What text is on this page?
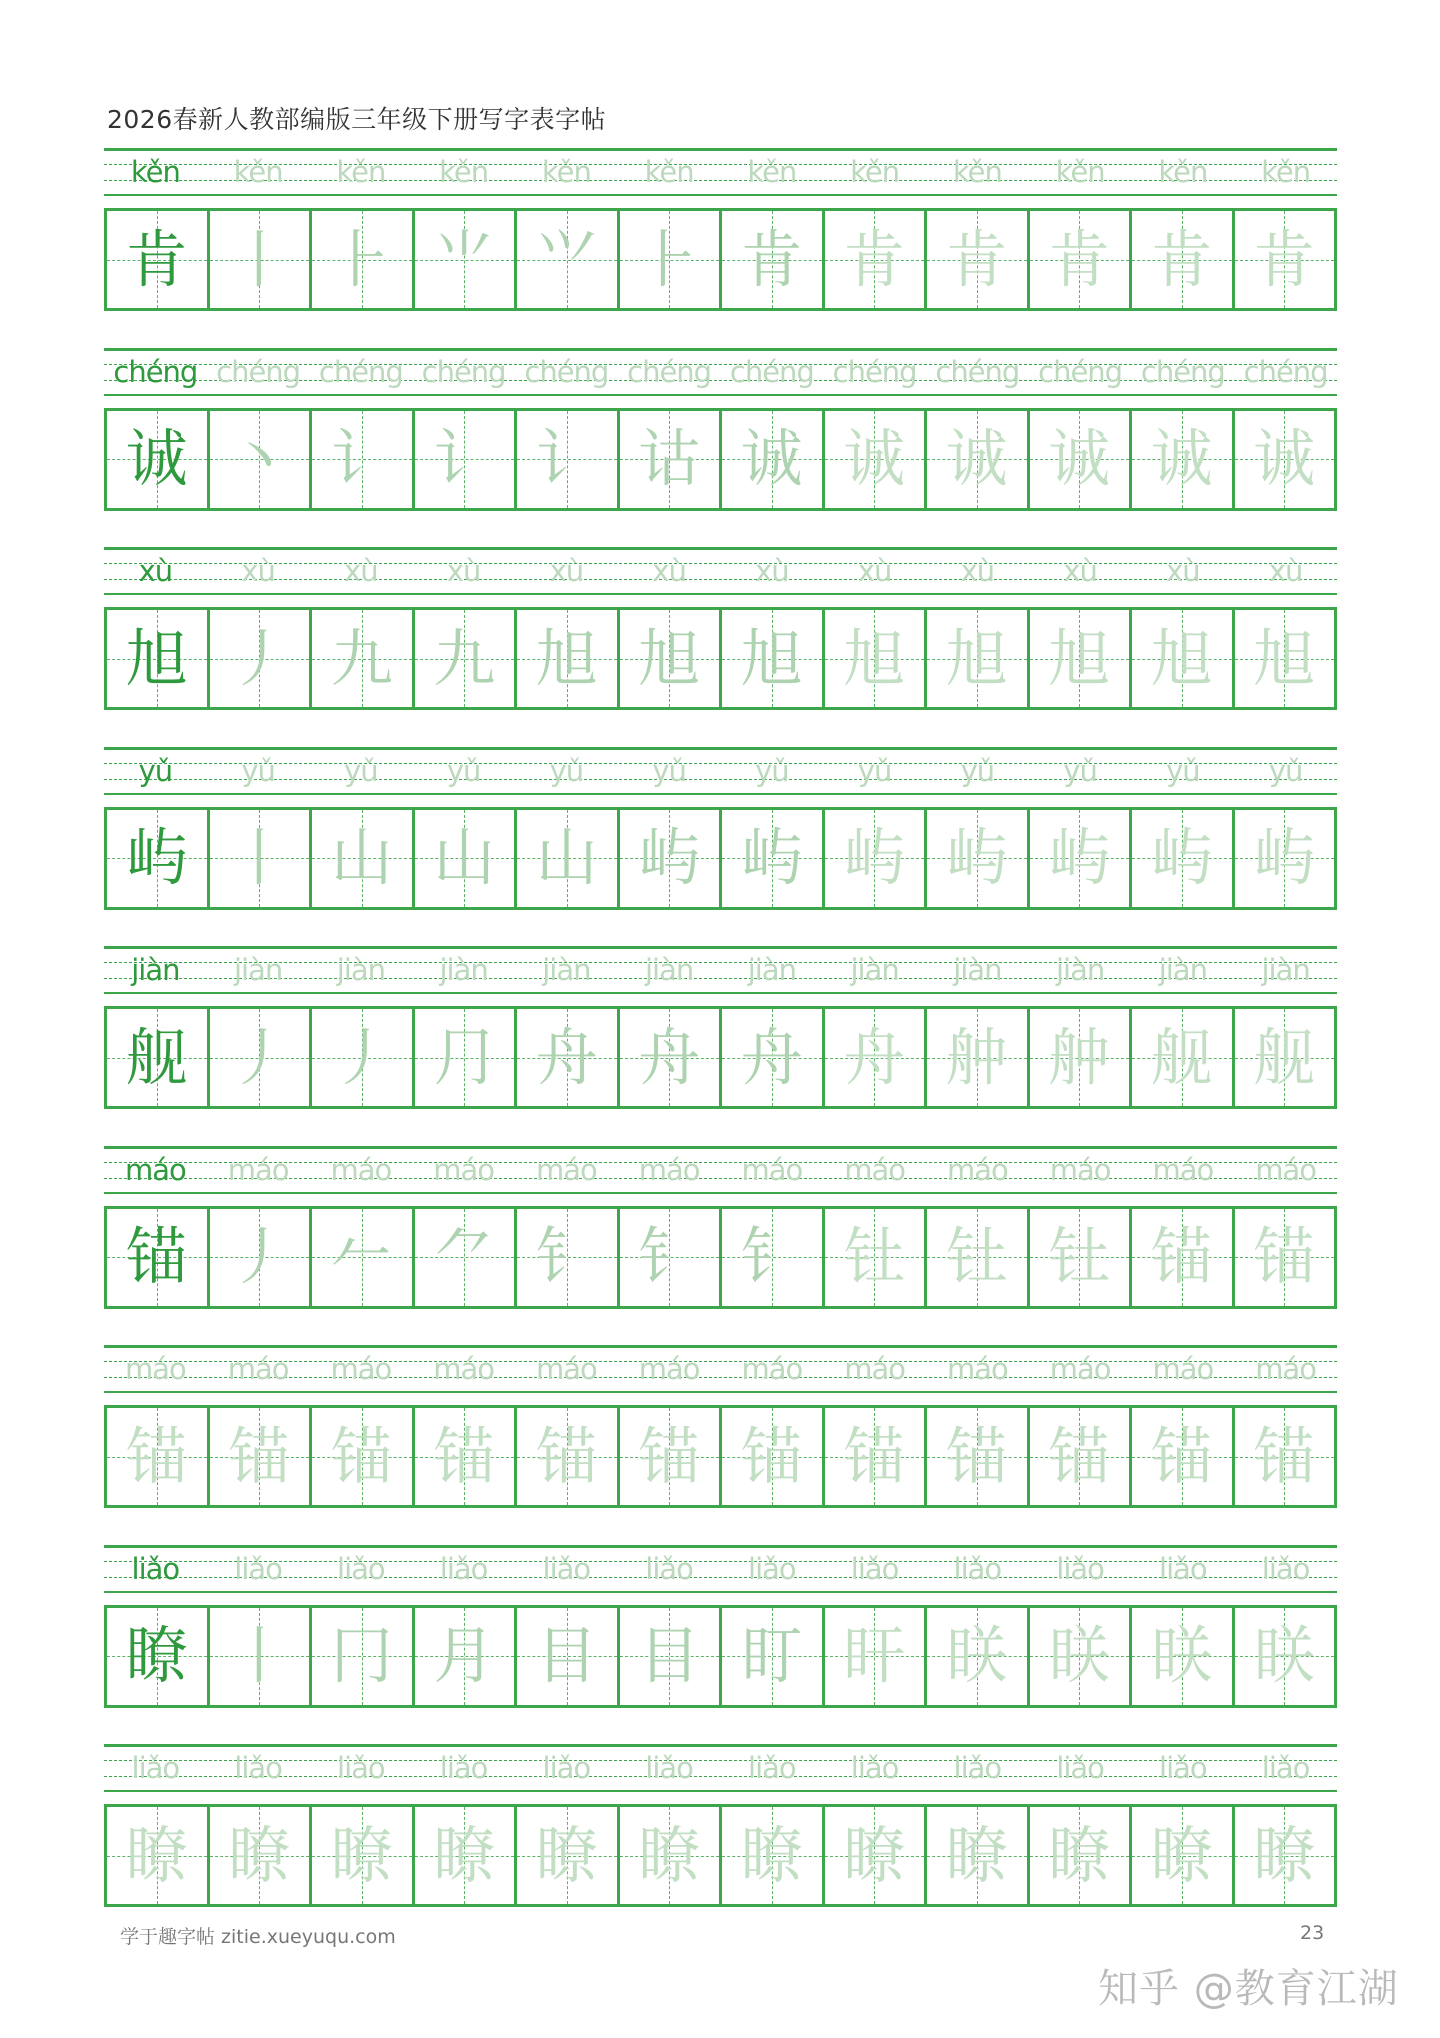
2026春新人教部编版三年级下册写字表字帖
kěn	kěn	kěn	kěn	kěn	kěn	kěn	kěn	kěn	kěn	kěn	kěn
肯 丨 ⺊ ⺌ ⺍ ⺊ 肯 肯 肯 肯 肯 肯
chéng chéng chéng chéng chéng chéng chéng chéng chéng chéng chéng chéng
诚 丶 讠 讠 讠 诂 诚 诚 诚 诚 诚 诚
xù	xù	xù	xù	xù	xù	xù	xù	xù	xù	xù	xù
旭 丿 九 九 旭 旭 旭 旭 旭 旭 旭 旭
yǔ	yǔ	yǔ	yǔ	yǔ	yǔ	yǔ	yǔ	yǔ	yǔ	yǔ	yǔ
屿 丨 山 山 山 屿 屿 屿 屿 屿 屿 屿
jiàn	jiàn	jiàn	jiàn	jiàn	jiàn	jiàn	jiàn	jiàn	jiàn	jiàn	jiàn
舰 丿 丿 ⺆ 舟 舟 舟 舟 舯 舯 舰 舰
máo	máo	máo	máo	máo	máo	máo	máo	máo	máo	máo	máo
锚 丿 𠂉 ⺈ 钅 钅 钅 钍 钍 钍 锚 锚
máo	máo	máo	máo	máo	máo	máo	máo	máo	máo	máo	máo
锚 锚 锚 锚 锚 锚 锚 锚 锚 锚 锚 锚
liǎo	liǎo	liǎo	liǎo	liǎo	liǎo	liǎo	liǎo	liǎo	liǎo	liǎo	liǎo
瞭 丨 冂 月 目 目 盯 盰 眹 眹 眹 眹
liǎo	liǎo	liǎo	liǎo	liǎo	liǎo	liǎo	liǎo	liǎo	liǎo	liǎo	liǎo
瞭 瞭 瞭 瞭 瞭 瞭 瞭 瞭 瞭 瞭 瞭 瞭
学于趣字帖 zitie.xueyuqu.com	23
知乎 @教育江湖
